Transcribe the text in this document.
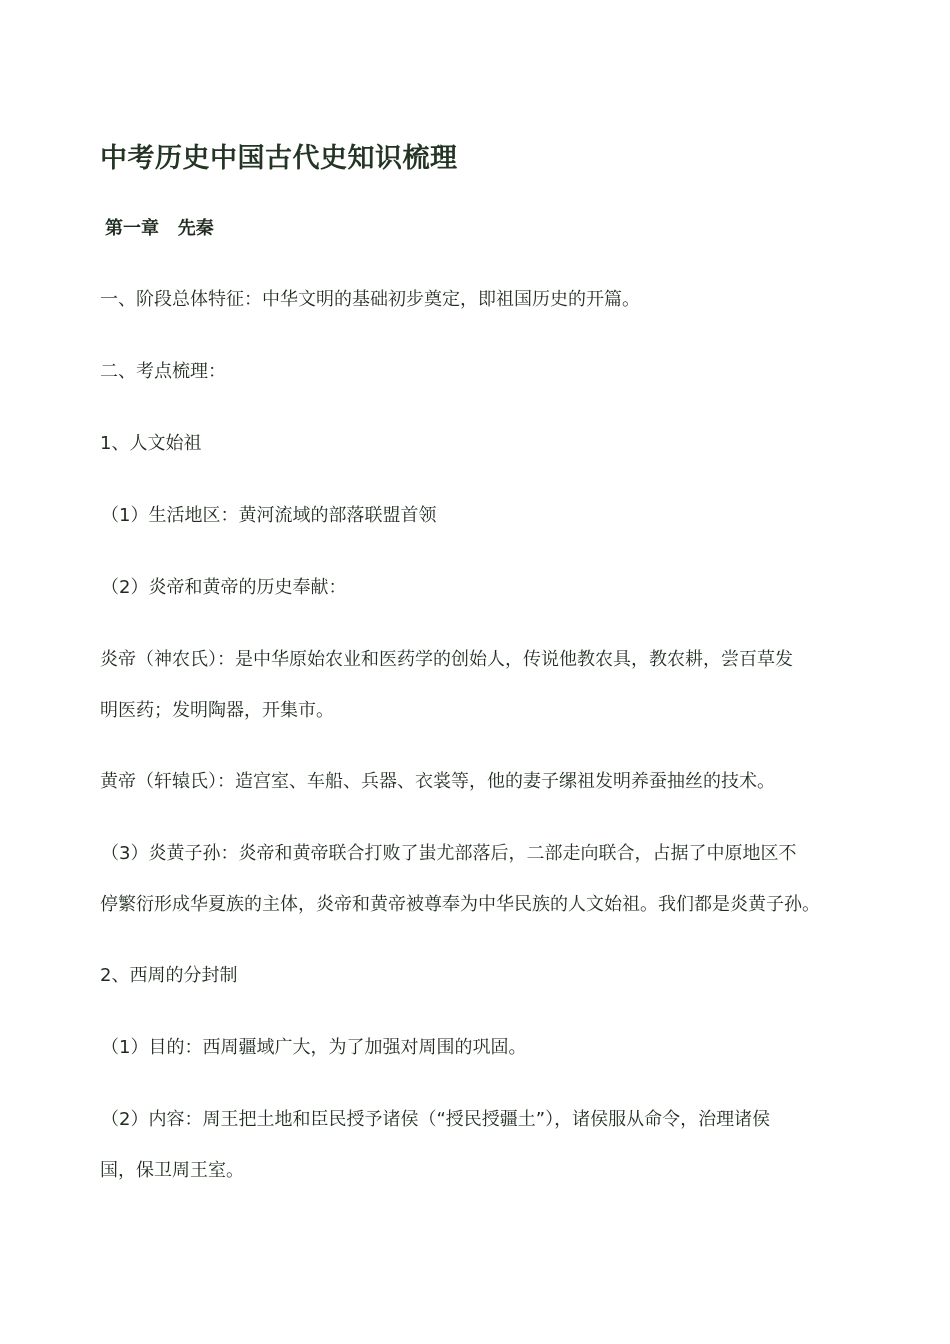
中考历史中国古代史知识梳理
第一章   先秦

一、阶段总体特征：中华文明的基础初步奠定，即祖国历史的开篇。

二、考点梳理：

1、人文始祖

（1）生活地区：黄河流域的部落联盟首领

（2）炎帝和黄帝的历史奉献：

炎帝（神农氏）：是中华原始农业和医药学的创始人，传说他教农具，教农耕，尝百草发

明医药；发明陶器，开集市。

黄帝（轩辕氏）：造宫室、车船、兵器、衣裳等，他的妻子缧祖发明养蚕抽丝的技术。

（3）炎黄子孙：炎帝和黄帝联合打败了蚩尤部落后，二部走向联合，占据了中原地区不

停繁衍形成华夏族的主体，炎帝和黄帝被尊奉为中华民族的人文始祖。我们都是炎黄子孙。

2、西周的分封制

（1）目的：西周疆域广大，为了加强对周围的巩固。

（2）内容：周王把土地和臣民授予诸侯（“授民授疆土”），诸侯服从命令，治理诸侯

国，保卫周王室。
